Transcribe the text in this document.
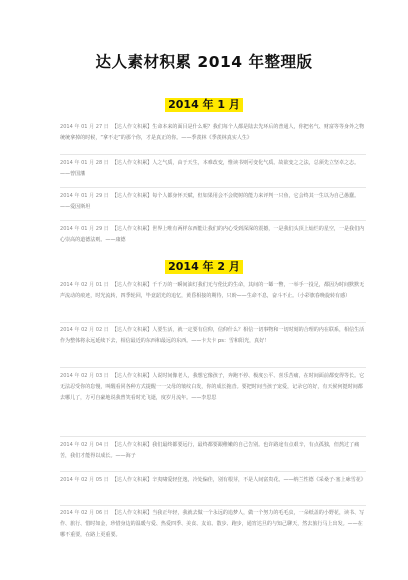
达人素材积累 2014 年整理版
2014 年 1 月
2014 年 01 月 27 日 【达人作文积累】生命本来的面目是什么呢？我们每个人都是陆去先环后的普通人，你把名气、财富等等身外之物统统拿掉的时候，“拿不走”的那个你，才是真正的你。——季羡林《季羡林真实人生》
2014 年 01 月 28 日 【达人作文积累】人之气质，由于天生，本难改变，惟读书则可变化气质。故欲变之之法，总须先立坚卓之志。——曾国藩
2014 年 01 月 29 日 【达人作文积累】每个人都身怀天赋，但如果用会不会爬树的能力来评判一只鱼，它会终其一生以为自己愚蠢。——爱因斯坦
2014 年 01 月 29 日 【达人作文积累】世界上唯有两样东西能让我们的内心受到深深的震撼，一是我们头顶上灿烂的星空，一是我们内心崇高的道德法则。——康德
2014 年 2 月
2014 年 02 月 01 日 【达人作文积累】千千万的一瞬间油灯我们无与伦比的生命，其间的一颦一瞥，一举手一投足，都因为时间默默无声流动的痕迹，时光流转，四季轮回，毕竟韶光的追忆，黄昏相接的期待，只盼——生命不息，奋斗不止。（小彩旗春晚旋转有感）
2014 年 02 月 02 日 【达人作文积累】人要生活，就一定要有信仰，信仰什么？相信一切事物和一切时刻的合理的内在联系，相信生活作为整体将永远延续下去，相信最近的东西和最远的东西。——卡夫卡 ps：雪和阳光，真好！
2014 年 02 月 03 日 【达人作文积累】人说时间像老人，我想它像孩子，奔跑不停、极度公平、喜乐苦痛，在时间面前都变得等长。它无法忍受你的怠慢，叫醒看同各种方式提醒一一父母的皱纹白发，你的成长拖沓。要把时间当孩子宠爱，记录它的好，有天候何挺时间都去哪儿了，方可自豪地说我曾笑看时光飞逝，度岁月流年。——李思思
2014 年 02 月 04 日 【达人作文积累】我们最终都要远行，最终都要跟稚嫩的自己告别。也许路途有点艰辛，有点孤独，但熬过了痛苦，我们才能得以成长。——海子
2014 年 02 月 05 日 【达人作文积累】辛夷啸爱轻狂逸，冷处偏佳，别有根芽，不是人间富贵花。——纳兰性德《采桑子·塞上咏雪花》
2014 年 02 月 06 日 【达人作文积累】当我正年轻，我就去做一个永远的追梦人，做一个努力的毛毛虫，一朵纸盖的小野花，读书、写作、旅行、惜时如金，珍惜身边的温暖与爱、热爱四季、美食、友谊、散步、跑步，通宵达旦的与知己聊天，然去旅行马上出发。——在哪不重要，在路上更重要。
